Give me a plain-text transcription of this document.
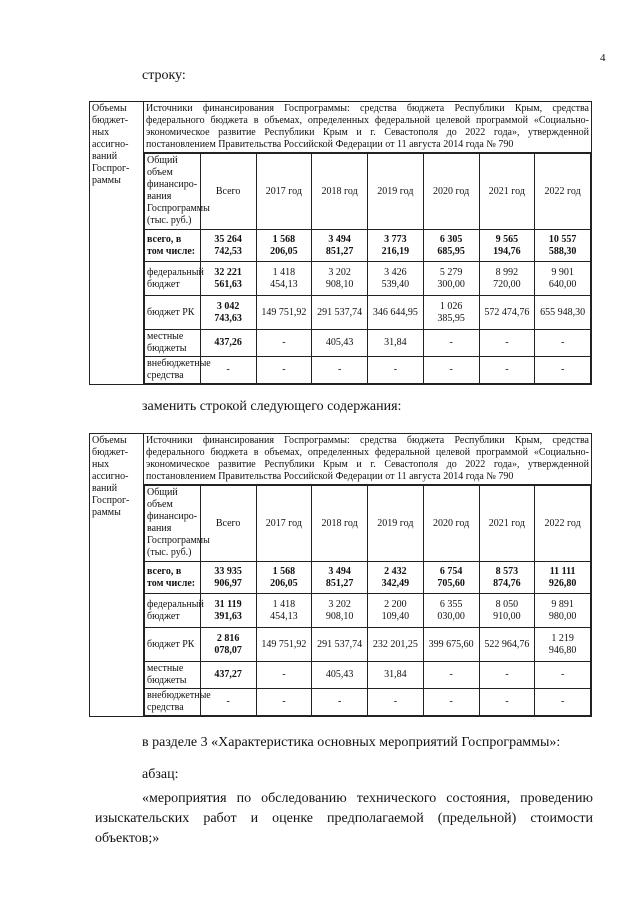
4
строку:
Объемы бюджет-ных ассигно-ваний Госпрог-раммы	Источники финансирования Госпрограммы: средства бюджета Республики Крым, средства федерального бюджета в объемах, определенных федеральной целевой программой «Социально-экономическое развитие Республики Крым и г. Севастополя до 2022 года», утвержденной постановлением Правительства Российской Федерации от 11 августа 2014 года № 790

Общий объем финансиро-вания Госпрограммы (тыс. руб.)	Всего	2017 год	2018 год	2019 год	2020 год	2021 год	2022 год
всего, в том числе:	35 264 742,53	1 568 206,05	3 494 851,27	3 773 216,19	6 305 685,95	9 565 194,76	10 557 588,30
федеральный бюджет	32 221 561,63	1 418 454,13	3 202 908,10	3 426 539,40	5 279 300,00	8 992 720,00	9 901 640,00
бюджет РК	3 042 743,63	149 751,92	291 537,74	346 644,95	1 026 385,95	572 474,76	655 948,30
местные бюджеты	437,26	-	405,43	31,84	-	-	-
внебюджетные средства	-	-	-	-	-	-	-
заменить строкой следующего содержания:
Объемы бюджет-ных ассигно-ваний Госпрог-раммы	Источники финансирования Госпрограммы: средства бюджета Республики Крым, средства федерального бюджета в объемах, определенных федеральной целевой программой «Социально-экономическое развитие Республики Крым и г. Севастополя до 2022 года», утвержденной постановлением Правительства Российской Федерации от 11 августа 2014 года № 790

Общий объем финансиро-вания Госпрограммы (тыс. руб.)	Всего	2017 год	2018 год	2019 год	2020 год	2021 год	2022 год
всего, в том числе:	33 935 906,97	1 568 206,05	3 494 851,27	2 432 342,49	6 754 705,60	8 573 874,76	11 111 926,80
федеральный бюджет	31 119 391,63	1 418 454,13	3 202 908,10	2 200 109,40	6 355 030,00	8 050 910,00	9 891 980,00
бюджет РК	2 816 078,07	149 751,92	291 537,74	232 201,25	399 675,60	522 964,76	1 219 946,80
местные бюджеты	437,27	-	405,43	31,84	-	-	-
внебюджетные средства	-	-	-	-	-	-	-
в разделе 3 «Характеристика основных мероприятий Госпрограммы»:
абзац:
«мероприятия по обследованию технического состояния, проведению изыскательских работ и оценке предполагаемой (предельной) стоимости объектов;»
